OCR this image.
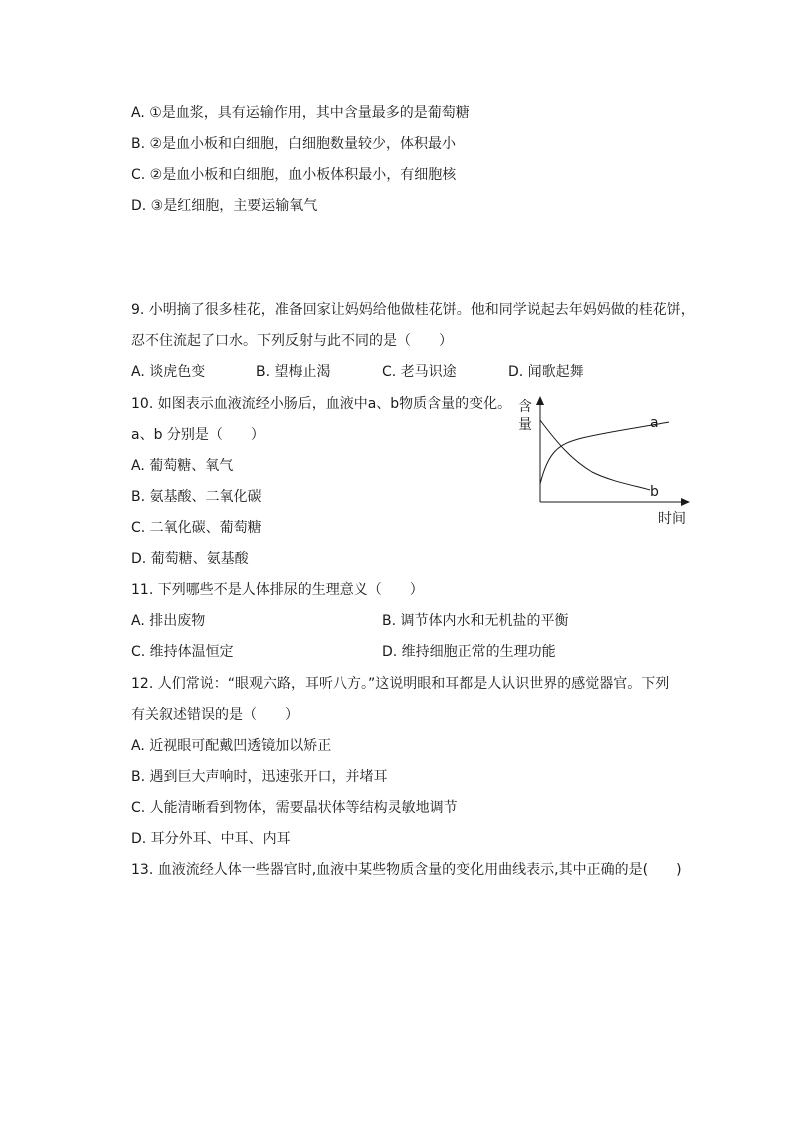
A. ①是血浆，具有运输作用，其中含量最多的是葡萄糖
B. ②是血小板和白细胞，白细胞数量较少，体积最小
C. ②是血小板和白细胞，血小板体积最小，有细胞核
D. ③是红细胞，主要运输氧气
9. 小明摘了很多桂花，准备回家让妈妈给他做桂花饼。他和同学说起去年妈妈做的桂花饼，
忍不住流起了口水。下列反射与此不同的是（　　）
A. 谈虎色变	B. 望梅止渴	C. 老马识途	D. 闻歌起舞
10. 如图表示血液流经小肠后，血液中a、b物质含量的变化。
a、b 分别是（　　）
A. 葡萄糖、氧气
B. 氨基酸、二氧化碳
C. 二氧化碳、葡萄糖
D. 葡萄糖、氨基酸
含
量	a
b
时间
11. 下列哪些不是人体排尿的生理意义（　　）
A. 排出废物	B. 调节体内水和无机盐的平衡
C. 维持体温恒定	D. 维持细胞正常的生理功能
12. 人们常说：“眼观六路，耳听八方。”这说明眼和耳都是人认识世界的感觉器官。下列
有关叙述错误的是（　　）
A. 近视眼可配戴凹透镜加以矫正
B. 遇到巨大声响时，迅速张开口，并堵耳
C. 人能清晰看到物体，需要晶状体等结构灵敏地调节
D. 耳分外耳、中耳、内耳
13. 血液流经人体一些器官时,血液中某些物质含量的变化用曲线表示,其中正确的是(　　)
